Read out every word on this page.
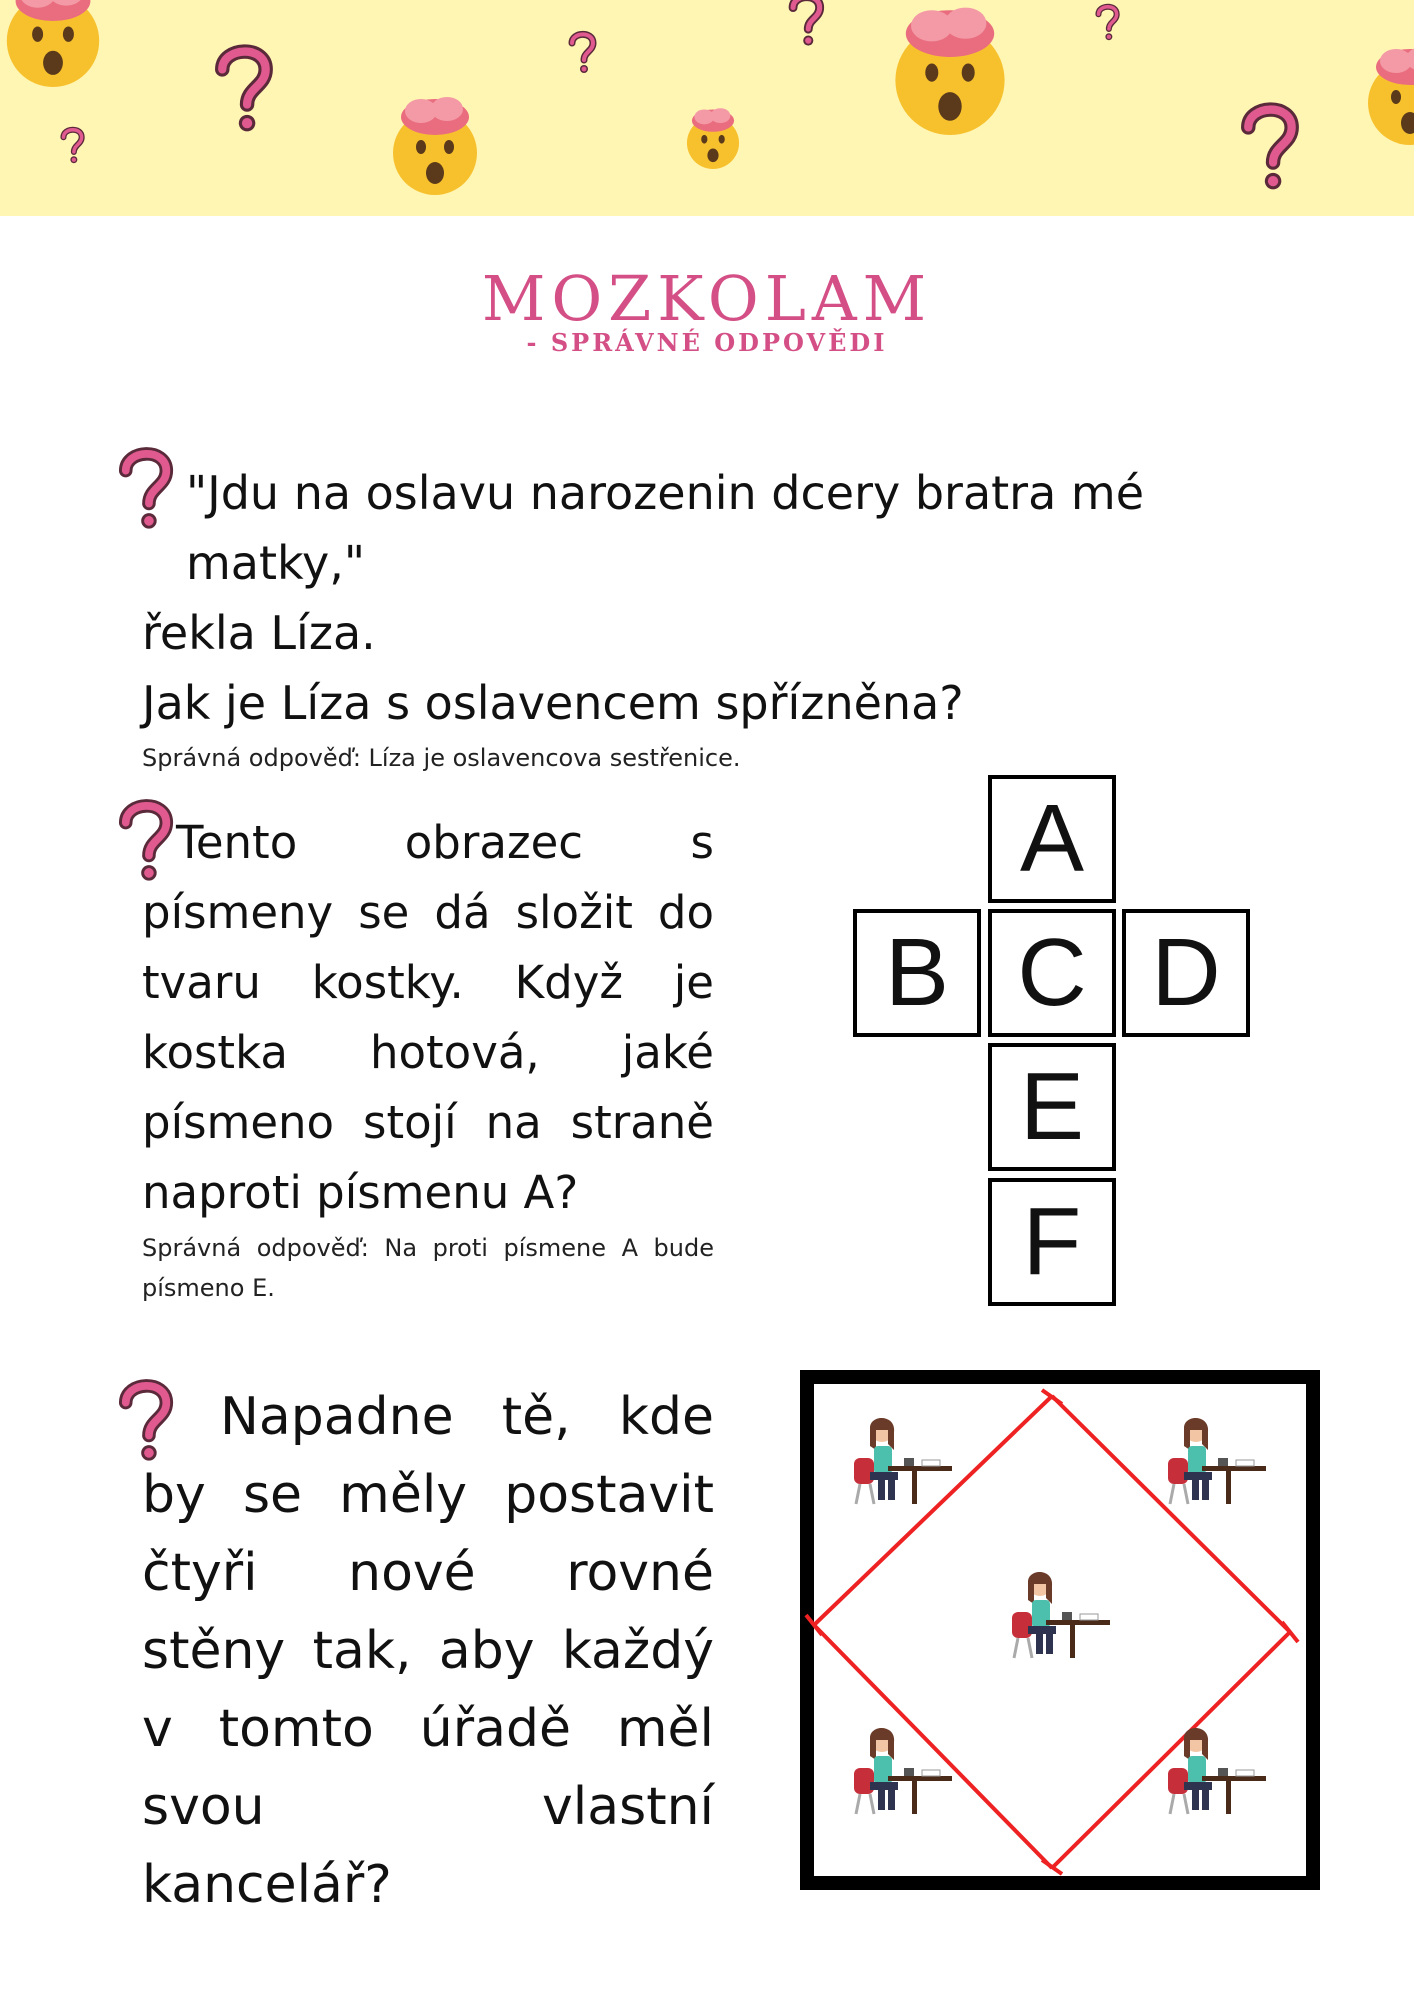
MOZKOLAM
- SPRÁVNÉ ODPOVĚDI
"Jdu na oslavu narozenin dcery bratra mé matky,"
řekla Líza.
Jak je Líza s oslavencem spřízněna?
Správná odpověď: Líza je oslavencova sestřenice.
Tento obrazec s písmeny se dá složit do tvaru kostky. Když je kostka hotová, jaké písmeno stojí na straně naproti písmenu A?
Správná odpověď: Na proti písmene A bude písmeno E.
A
B C D
E
F
Napadne tě, kde by se měly postavit čtyři nové rovné stěny tak, aby každý v tomto úřadě měl svou vlastní kancelář?
